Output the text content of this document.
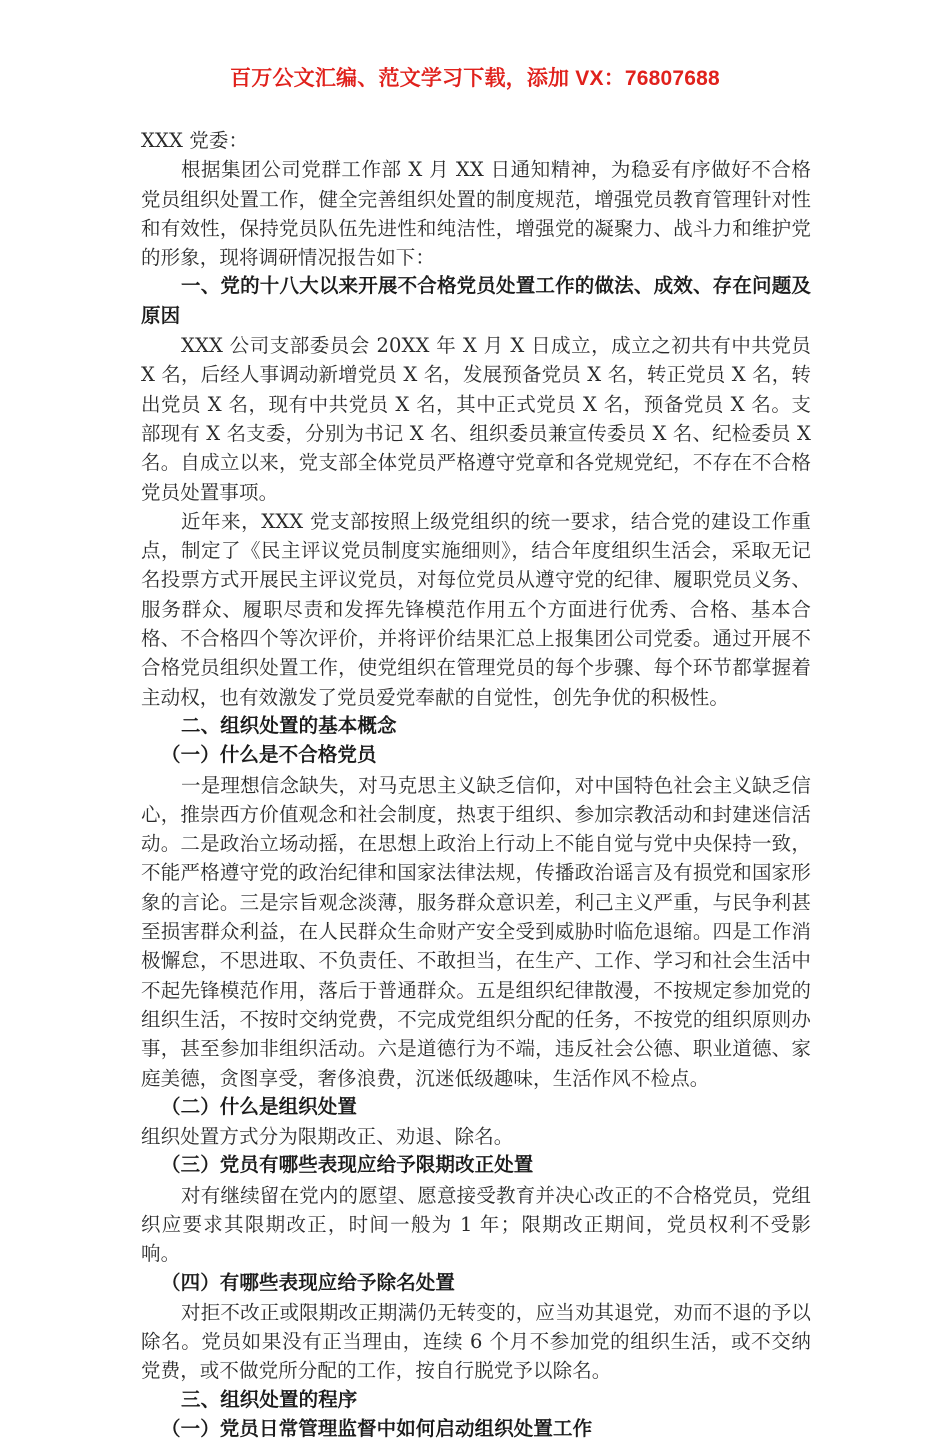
百万公文汇编、范文学习下载，添加 VX：76807688

XXX 党委：

根据集团公司党群工作部 X 月 XX 日通知精神，为稳妥有序做好不合格党员组织处置工作，健全完善组织处置的制度规范，增强党员教育管理针对性和有效性，保持党员队伍先进性和纯洁性，增强党的凝聚力、战斗力和维护党的形象，现将调研情况报告如下：

一、党的十八大以来开展不合格党员处置工作的做法、成效、存在问题及原因

XXX 公司支部委员会 20XX 年 X 月 X 日成立，成立之初共有中共党员 X 名，后经人事调动新增党员 X 名，发展预备党员 X 名，转正党员 X 名，转出党员 X 名，现有中共党员 X 名，其中正式党员 X 名，预备党员 X 名。支部现有 X 名支委，分别为书记 X 名、组织委员兼宣传委员 X 名、纪检委员 X 名。自成立以来，党支部全体党员严格遵守党章和各党规党纪，不存在不合格党员处置事项。

近年来，XXX 党支部按照上级党组织的统一要求，结合党的建设工作重点，制定了《民主评议党员制度实施细则》，结合年度组织生活会，采取无记名投票方式开展民主评议党员，对每位党员从遵守党的纪律、履职党员义务、服务群众、履职尽责和发挥先锋模范作用五个方面进行优秀、合格、基本合格、不合格四个等次评价，并将评价结果汇总上报集团公司党委。通过开展不合格党员组织处置工作，使党组织在管理党员的每个步骤、每个环节都掌握着主动权，也有效激发了党员爱党奉献的自觉性，创先争优的积极性。

二、组织处置的基本概念

（一）什么是不合格党员

一是理想信念缺失，对马克思主义缺乏信仰，对中国特色社会主义缺乏信心，推崇西方价值观念和社会制度，热衷于组织、参加宗教活动和封建迷信活动。二是政治立场动摇，在思想上政治上行动上不能自觉与党中央保持一致，不能严格遵守党的政治纪律和国家法律法规，传播政治谣言及有损党和国家形象的言论。三是宗旨观念淡薄，服务群众意识差，利己主义严重，与民争利甚至损害群众利益，在人民群众生命财产安全受到威胁时临危退缩。四是工作消极懈怠，不思进取、不负责任、不敢担当，在生产、工作、学习和社会生活中不起先锋模范作用，落后于普通群众。五是组织纪律散漫，不按规定参加党的组织生活，不按时交纳党费，不完成党组织分配的任务，不按党的组织原则办事，甚至参加非组织活动。六是道德行为不端，违反社会公德、职业道德、家庭美德，贪图享受，奢侈浪费，沉迷低级趣味，生活作风不检点。

（二）什么是组织处置

组织处置方式分为限期改正、劝退、除名。

（三）党员有哪些表现应给予限期改正处置

对有继续留在党内的愿望、愿意接受教育并决心改正的不合格党员，党组织应要求其限期改正，时间一般为 1 年；限期改正期间，党员权利不受影响。

（四）有哪些表现应给予除名处置

对拒不改正或限期改正期满仍无转变的，应当劝其退党，劝而不退的予以除名。党员如果没有正当理由，连续 6 个月不参加党的组织生活，或不交纳党费，或不做党所分配的工作，按自行脱党予以除名。

三、组织处置的程序

（一）党员日常管理监督中如何启动组织处置工作
